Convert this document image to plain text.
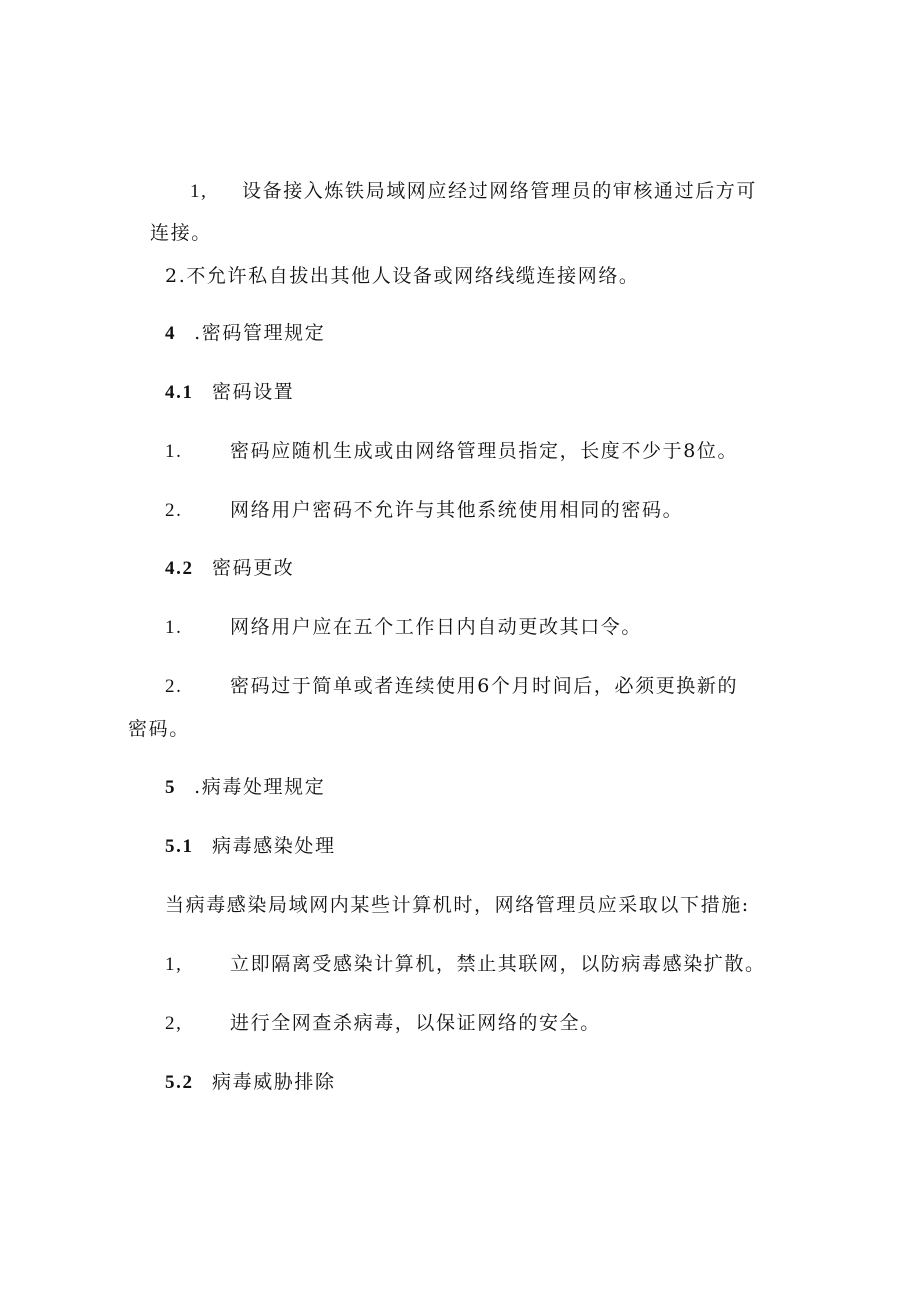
1, 设备接入炼铁局域网应经过网络管理员的审核通过后方可

连接。

2.不允许私自拔出其他人设备或网络线缆连接网络。

4 .密码管理规定

4.1 密码设置

1.	密码应随机生成或由网络管理员指定，长度不少于8位。

2.	网络用户密码不允许与其他系统使用相同的密码。

4.2 密码更改

1.	网络用户应在五个工作日内自动更改其口令。

2.	密码过于简单或者连续使用6个月时间后，必须更换新的

密码。

5 .病毒处理规定

5.1 病毒感染处理

当病毒感染局域网内某些计算机时，网络管理员应采取以下措施:

1,	立即隔离受感染计算机，禁止其联网，以防病毒感染扩散。

2,	进行全网查杀病毒，以保证网络的安全。

5.2 病毒威胁排除
